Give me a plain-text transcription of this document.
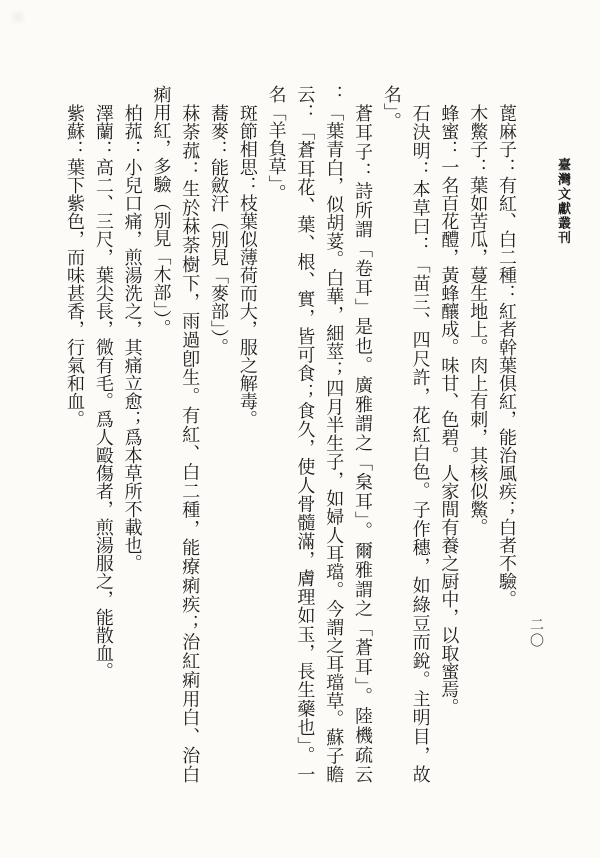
臺灣文獻叢刊
二〇

蓖麻子：有紅、白二種：紅者幹葉俱紅，能治風疾；白者不驗。

木鱉子：葉如苦瓜，蔓生地上。肉上有刺，其核似鱉。

蜂蜜：一名百花醴，黃蜂釀成。味甘、色碧。人家間有養之厨中，以取蜜焉。

石決明：本草曰：「苗三、四尺許，花紅白色。子作穗，如綠豆而銳。主明目，故
名」。

蒼耳子：詩所謂「卷耳」是也。廣雅謂之「枲耳」。爾雅謂之「蒼耳」。陸機疏云
：「葉青白，似胡荽。白華，細莖；四月半生子，如婦人耳璫。今謂之耳璫草。蘇子瞻
云：「蒼耳花、葉、根、實，皆可食；食久，使人骨髓滿，膚理如玉，長生藥也」。一
名「羊負草」。

斑節相思：枝葉似薄荷而大，服之解毒。

蕎麥：能斂汗（別見「麥部」）。

菻荼菰：生於菻荼樹下，雨過卽生。有紅、白二種，能療痢疾；治紅痢用白、治白
痢用紅，多驗（別見「木部」）。

柏菰：小兒口痛，煎湯洗之，其痛立愈；爲本草所不載也。

澤蘭：高二、三尺，葉尖長，微有毛。爲人毆傷者，煎湯服之，能散血。

紫蘇：葉下紫色，而味甚香，行氣和血。
